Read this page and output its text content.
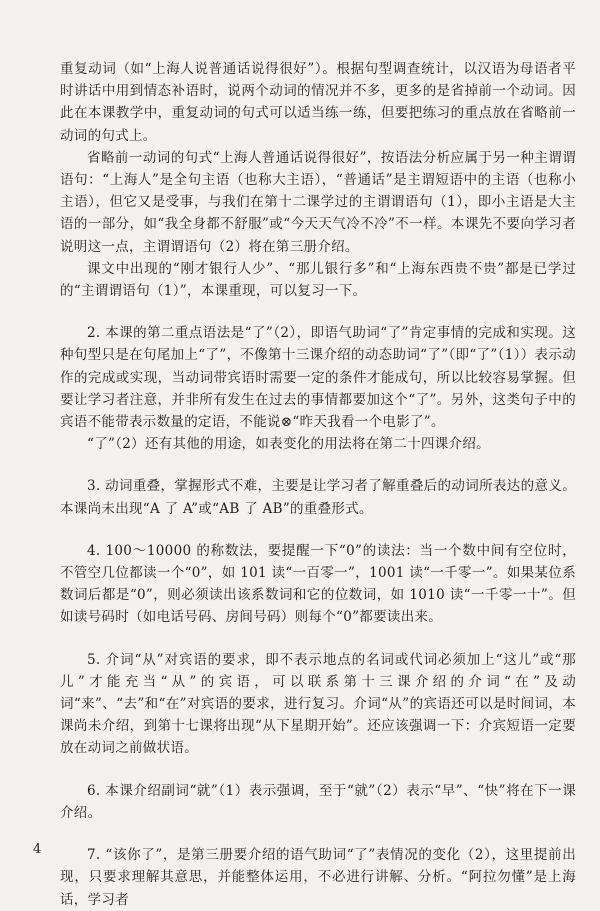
重复动词（如“上海人说普通话说得很好”）。根据句型调查统计，以汉语为母语者平时讲话中用到情态补语时，说两个动词的情况并不多，更多的是省掉前一个动词。因此在本课教学中，重复动词的句式可以适当练一练，但要把练习的重点放在省略前一动词的句式上。

省略前一动词的句式“上海人普通话说得很好”，按语法分析应属于另一种主谓谓语句：“上海人”是全句主语（也称大主语），“普通话”是主谓短语中的主语（也称小主语），但它又是受事，与我们在第十二课学过的主谓谓语句（1），即小主语是大主语的一部分，如“我全身都不舒服”或“今天天气冷不冷”不一样。本课先不要向学习者说明这一点，主谓谓语句（2）将在第三册介绍。

课文中出现的“刚才银行人少”、“那儿银行多”和“上海东西贵不贵”都是已学过的“主谓谓语句（1）”，本课重现，可以复习一下。

2. 本课的第二重点语法是“了”（2），即语气助词“了”肯定事情的完成和实现。这种句型只是在句尾加上“了”，不像第十三课介绍的动态助词“了”（即“了”（1））表示动作的完成或实现，当动词带宾语时需要一定的条件才能成句，所以比较容易掌握。但要让学习者注意，并非所有发生在过去的事情都要加这个“了”。另外，这类句子中的宾语不能带表示数量的定语，不能说⊗“昨天我看一个电影了”。

“了”（2）还有其他的用途，如表变化的用法将在第二十四课介绍。

3. 动词重叠，掌握形式不难，主要是让学习者了解重叠后的动词所表达的意义。本课尚未出现“A 了 A”或“AB 了 AB”的重叠形式。

4. 100～10000 的称数法，要提醒一下“0”的读法：当一个数中间有空位时，不管空几位都读一个“0”，如 101 读“一百零一”，1001 读“一千零一”。如果某位系数词后都是“0”，则必须读出该系数词和它的位数词，如 1010 读“一千零一十”。但如读号码时（如电话号码、房间号码）则每个“0”都要读出来。

5. 介词“从”对宾语的要求，即不表示地点的名词或代词必须加上“这儿”或“那儿”才能充当“从”的宾语，可以联系第十三课介绍的介词“在”及动词“来”、“去”和“在”对宾语的要求，进行复习。介词“从”的宾语还可以是时间词，本课尚未介绍，到第十七课将出现“从下星期开始”。还应该强调一下：介宾短语一定要放在动词之前做状语。

6. 本课介绍副词“就”（1）表示强调，至于“就”（2）表示“早”、“快”将在下一课介绍。

7. “该你了”，是第三册要介绍的语气助词“了”表情况的变化（2），这里提前出现，只要求理解其意思，并能整体运用，不必进行讲解、分析。“阿拉勿懂”是上海话，学习者

4
